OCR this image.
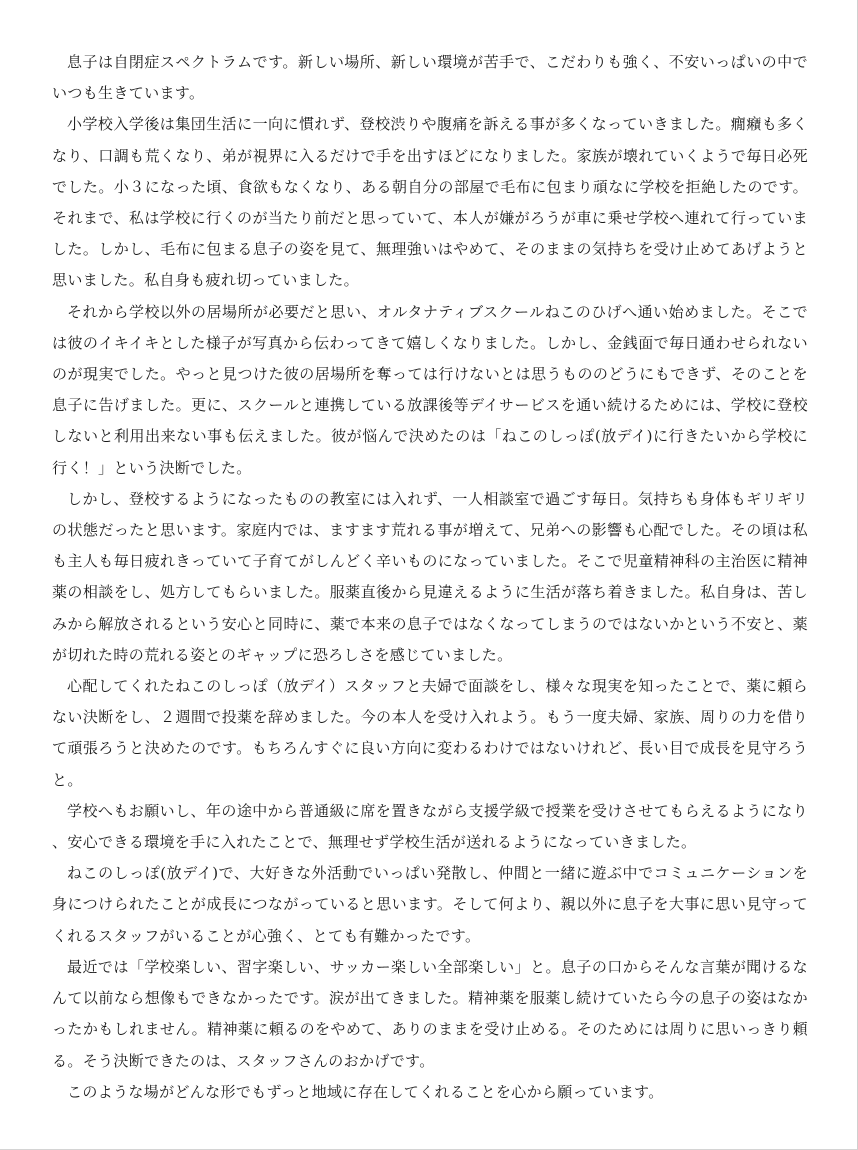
息子は自閉症スペクトラムです。新しい場所、新しい環境が苦手で、こだわりも強く、不安いっぱいの中でいつも生きています。

小学校入学後は集団生活に一向に慣れず、登校渋りや腹痛を訴える事が多くなっていきました。癇癪も多くなり、口調も荒くなり、弟が視界に入るだけで手を出すほどになりました。家族が壊れていくようで毎日必死でした。小３になった頃、食欲もなくなり、ある朝自分の部屋で毛布に包まり頑なに学校を拒絶したのです。それまで、私は学校に行くのが当たり前だと思っていて、本人が嫌がろうが車に乗せ学校へ連れて行っていました。しかし、毛布に包まる息子の姿を見て、無理強いはやめて、そのままの気持ちを受け止めてあげようと思いました。私自身も疲れ切っていました。

それから学校以外の居場所が必要だと思い、オルタナティブスクールねこのひげへ通い始めました。そこでは彼のイキイキとした様子が写真から伝わってきて嬉しくなりました。しかし、金銭面で毎日通わせられないのが現実でした。やっと見つけた彼の居場所を奪っては行けないとは思うもののどうにもできず、そのことを息子に告げました。更に、スクールと連携している放課後等デイサービスを通い続けるためには、学校に登校しないと利用出来ない事も伝えました。彼が悩んで決めたのは「ねこのしっぽ(放デイ)に行きたいから学校に行く！」という決断でした。

しかし、登校するようになったものの教室には入れず、一人相談室で過ごす毎日。気持ちも身体もギリギリの状態だったと思います。家庭内では、ますます荒れる事が増えて、兄弟への影響も心配でした。その頃は私も主人も毎日疲れきっていて子育てがしんどく辛いものになっていました。そこで児童精神科の主治医に精神薬の相談をし、処方してもらいました。服薬直後から見違えるように生活が落ち着きました。私自身は、苦しみから解放されるという安心と同時に、薬で本来の息子ではなくなってしまうのではないかという不安と、薬が切れた時の荒れる姿とのギャップに恐ろしさを感じていました。

心配してくれたねこのしっぽ（放デイ）スタッフと夫婦で面談をし、様々な現実を知ったことで、薬に頼らない決断をし、２週間で投薬を辞めました。今の本人を受け入れよう。もう一度夫婦、家族、周りの力を借りて頑張ろうと決めたのです。もちろんすぐに良い方向に変わるわけではないけれど、長い目で成長を見守ろうと。

学校へもお願いし、年の途中から普通級に席を置きながら支援学級で授業を受けさせてもらえるようになり、安心できる環境を手に入れたことで、無理せず学校生活が送れるようになっていきました。

ねこのしっぽ(放デイ)で、大好きな外活動でいっぱい発散し、仲間と一緒に遊ぶ中でコミュニケーションを身につけられたことが成長につながっていると思います。そして何より、親以外に息子を大事に思い見守ってくれるスタッフがいることが心強く、とても有難かったです。

最近では「学校楽しい、習字楽しい、サッカー楽しい全部楽しい」と。息子の口からそんな言葉が聞けるなんて以前なら想像もできなかったです。涙が出てきました。精神薬を服薬し続けていたら今の息子の姿はなかったかもしれません。精神薬に頼るのをやめて、ありのままを受け止める。そのためには周りに思いっきり頼る。そう決断できたのは、スタッフさんのおかげです。

このような場がどんな形でもずっと地域に存在してくれることを心から願っています。
